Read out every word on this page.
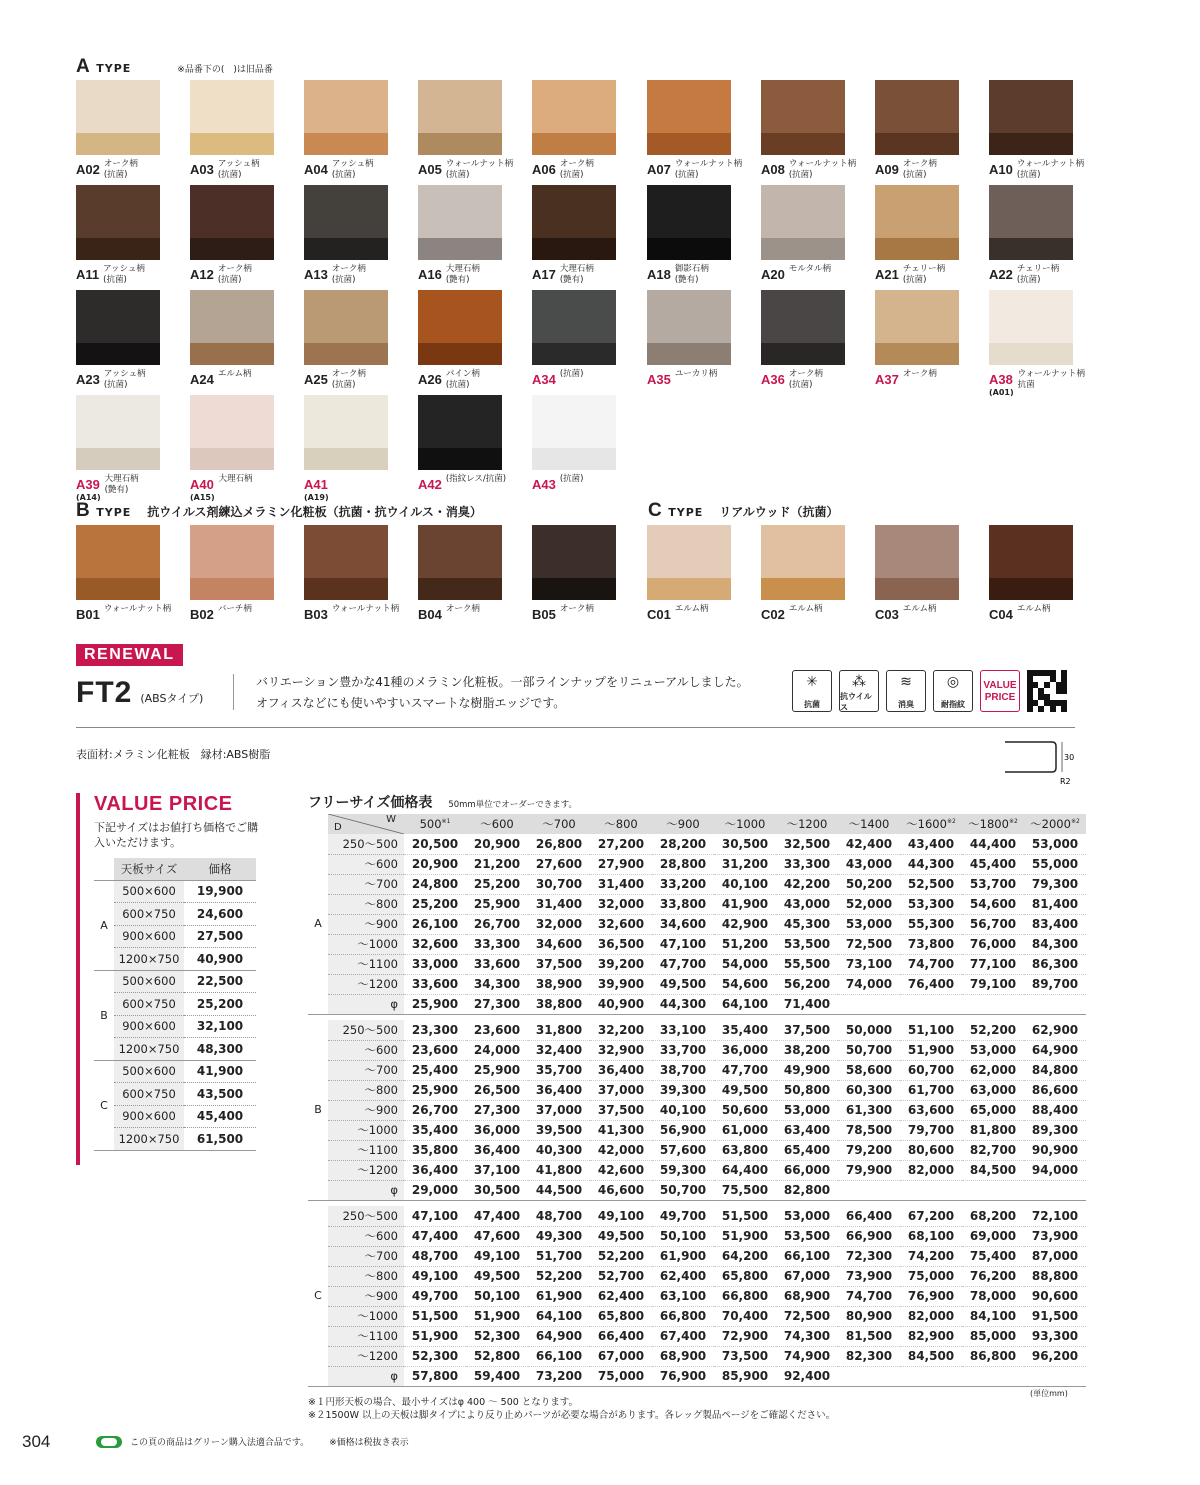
A TYPE	※品番下の(　)は旧品番
A02 オーク柄
(抗菌)	A03 アッシュ柄
(抗菌)	A04 アッシュ柄
(抗菌)	A05 ウォールナット柄
(抗菌)	A06 オーク柄
(抗菌)	A07 ウォールナット柄
(抗菌)	A08 ウォールナット柄
(抗菌)	A09 オーク柄
(抗菌)	A10 ウォールナット柄
(抗菌)
A11 アッシュ柄
(抗菌)	A12 オーク柄
(抗菌)	A13 オーク柄
(抗菌)	A16 大理石柄
(艶有)	A17 大理石柄
(艶有)	A18 御影石柄
(艶有)	A20 モルタル柄	A21 チェリー柄
(抗菌)	A22 チェリー柄
(抗菌)
A23 アッシュ柄
(抗菌)	A24 エルム柄	A25 オーク柄
(抗菌)	A26 パイン柄
(抗菌)	A34 (抗菌)	A35 ユーカリ柄	A36 オーク柄
(抗菌)	A37 オーク柄	A38
(A01)
ウォールナット柄
抗菌
A39
(A14)
大理石柄
(艶有)	A40
(A15)
大理石柄	A41
(A19)
A42 (指紋レス/抗菌) A43 (抗菌)
B TYPE 抗ウイルス剤練込メラミン化粧板（抗菌・抗ウイルス・消臭）	C TYPE リアルウッド（抗菌）
B01 ウォールナット柄 B02 バーチ柄	B03 ウォールナット柄 B04 オーク柄	B05 オーク柄	C01 エルム柄	C02 エルム柄	C03 エルム柄	C04 エルム柄
RENEWAL
FT2 (ABSタイプ)
バリエーション豊かな41種のメラミン化粧板。一部ラインナップをリニューアルしました。
オフィスなどにも使いやすいスマートな樹脂エッジです。
✳
抗菌
⁂
抗ウイルス
≋
消臭
◎
耐指紋
VALUE
PRICE
表面材:メラミン化粧板　縁材:ABS樹脂	30
R2
VALUE PRICE
下記サイズはお値打ち価格でご購入いただけます。
	天板サイズ	価格
A	500×600	19,900
	600×750	24,600
	900×600	27,500
	1200×750	40,900
B	500×600	22,500
	600×750	25,200
	900×600	32,100
	1200×750	48,300
C	500×600	41,900
	600×750	43,500
	900×600	45,400
	1200×750	61,500
フリーサイズ価格表 50mm単位でオーダーできます。

	D
W	500$^{※1}$	～600	～700	～800	～900	～1000	～1200	～1400	～1600$^{※2}$	～1800$^{※2}$	～2000$^{※2}$
A	250～500	20,500	20,900	26,800	27,200	28,200	30,500	32,500	42,400	43,400	44,400	53,000
	～600	20,900	21,200	27,600	27,900	28,800	31,200	33,300	43,000	44,300	45,400	55,000
	～700	24,800	25,200	30,700	31,400	33,200	40,100	42,200	50,200	52,500	53,700	79,300
	～800	25,200	25,900	31,400	32,000	33,800	41,900	43,000	52,000	53,300	54,600	81,400
	～900	26,100	26,700	32,000	32,600	34,600	42,900	45,300	53,000	55,300	56,700	83,400
	～1000	32,600	33,300	34,600	36,500	47,100	51,200	53,500	72,500	73,800	76,000	84,300
	～1100	33,000	33,600	37,500	39,200	47,700	54,000	55,500	73,100	74,700	77,100	86,300
	～1200	33,600	34,300	38,900	39,900	49,500	54,600	56,200	74,000	76,400	79,100	89,700
	φ	25,900	27,300	38,800	40,900	44,300	64,100	71,400				

B	250～500	23,300	23,600	31,800	32,200	33,100	35,400	37,500	50,000	51,100	52,200	62,900
	～600	23,600	24,000	32,400	32,900	33,700	36,000	38,200	50,700	51,900	53,000	64,900
	～700	25,400	25,900	35,700	36,400	38,700	47,700	49,900	58,600	60,700	62,000	84,800
	～800	25,900	26,500	36,400	37,000	39,300	49,500	50,800	60,300	61,700	63,000	86,600
	～900	26,700	27,300	37,000	37,500	40,100	50,600	53,000	61,300	63,600	65,000	88,400
	～1000	35,400	36,000	39,500	41,300	56,900	61,000	63,400	78,500	79,700	81,800	89,300
	～1100	35,800	36,400	40,300	42,000	57,600	63,800	65,400	79,200	80,600	82,700	90,900
	～1200	36,400	37,100	41,800	42,600	59,300	64,400	66,000	79,900	82,000	84,500	94,000
	φ	29,000	30,500	44,500	46,600	50,700	75,500	82,800				

C	250～500	47,100	47,400	48,700	49,100	49,700	51,500	53,000	66,400	67,200	68,200	72,100
	～600	47,400	47,600	49,300	49,500	50,100	51,900	53,500	66,900	68,100	69,000	73,900
	～700	48,700	49,100	51,700	52,200	61,900	64,200	66,100	72,300	74,200	75,400	87,000
	～800	49,100	49,500	52,200	52,700	62,400	65,800	67,000	73,900	75,000	76,200	88,800
	～900	49,700	50,100	61,900	62,400	63,100	66,800	68,900	74,700	76,900	78,000	90,600
	～1000	51,500	51,900	64,100	65,800	66,800	70,400	72,500	80,900	82,000	84,100	91,500
	～1100	51,900	52,300	64,900	66,400	67,400	72,900	74,300	81,500	82,900	85,000	93,300
	～1200	52,300	52,800	66,100	67,000	68,900	73,500	74,900	82,300	84,500	86,800	96,200
	φ	57,800	59,400	73,200	75,000	76,900	85,900	92,400				
(単位mm)
※１円形天板の場合、最小サイズはφ 400 ～ 500 となります。
※２1500W 以上の天板は脚タイプにより反り止めパーツが必要な場合があります。各レッグ製品ページをご確認ください。
304	この頁の商品はグリーン購入法適合品です。 ※価格は税抜き表示
